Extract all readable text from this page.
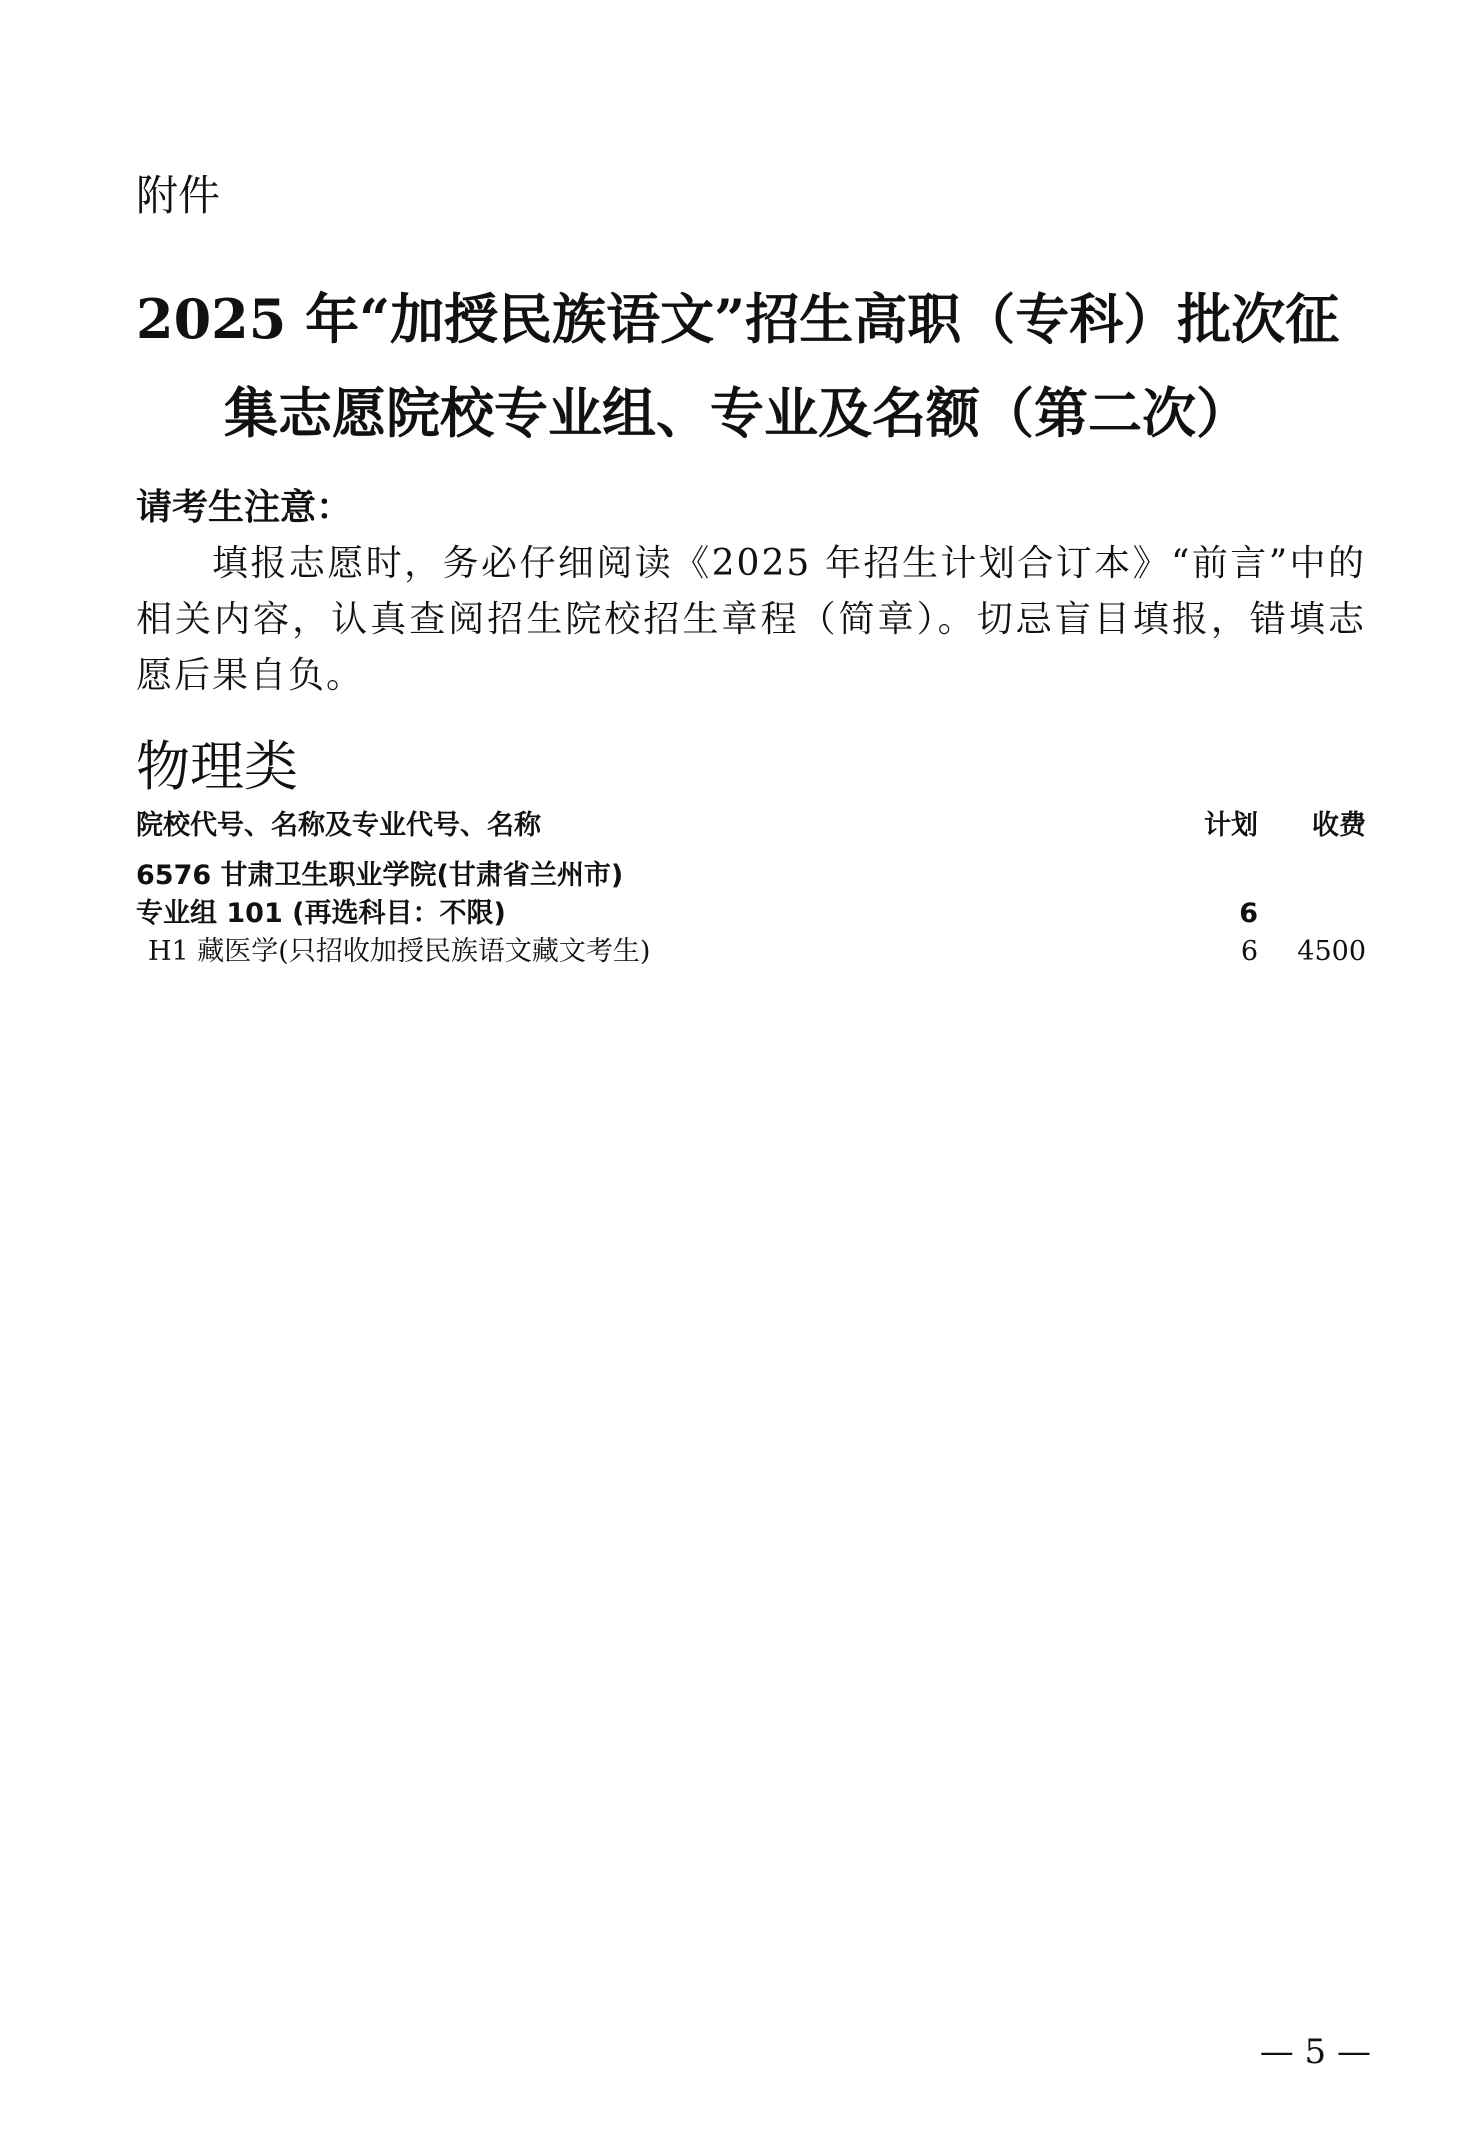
附件
2025 年“加授民族语文”招生高职（专科）批次征
集志愿院校专业组、专业及名额（第二次）
请考生注意：
填报志愿时，务必仔细阅读《2025 年招生计划合订本》“前言”中的相关内容，认真查阅招生院校招生章程（简章）。切忌盲目填报，错填志愿后果自负。
物理类
院校代号、名称及专业代号、名称	计划 收费
6576 甘肃卫生职业学院(甘肃省兰州市)
专业组 101 (再选科目：不限)	6
H1 藏医学(只招收加授民族语文藏文考生)	6 4500
— 5 —
